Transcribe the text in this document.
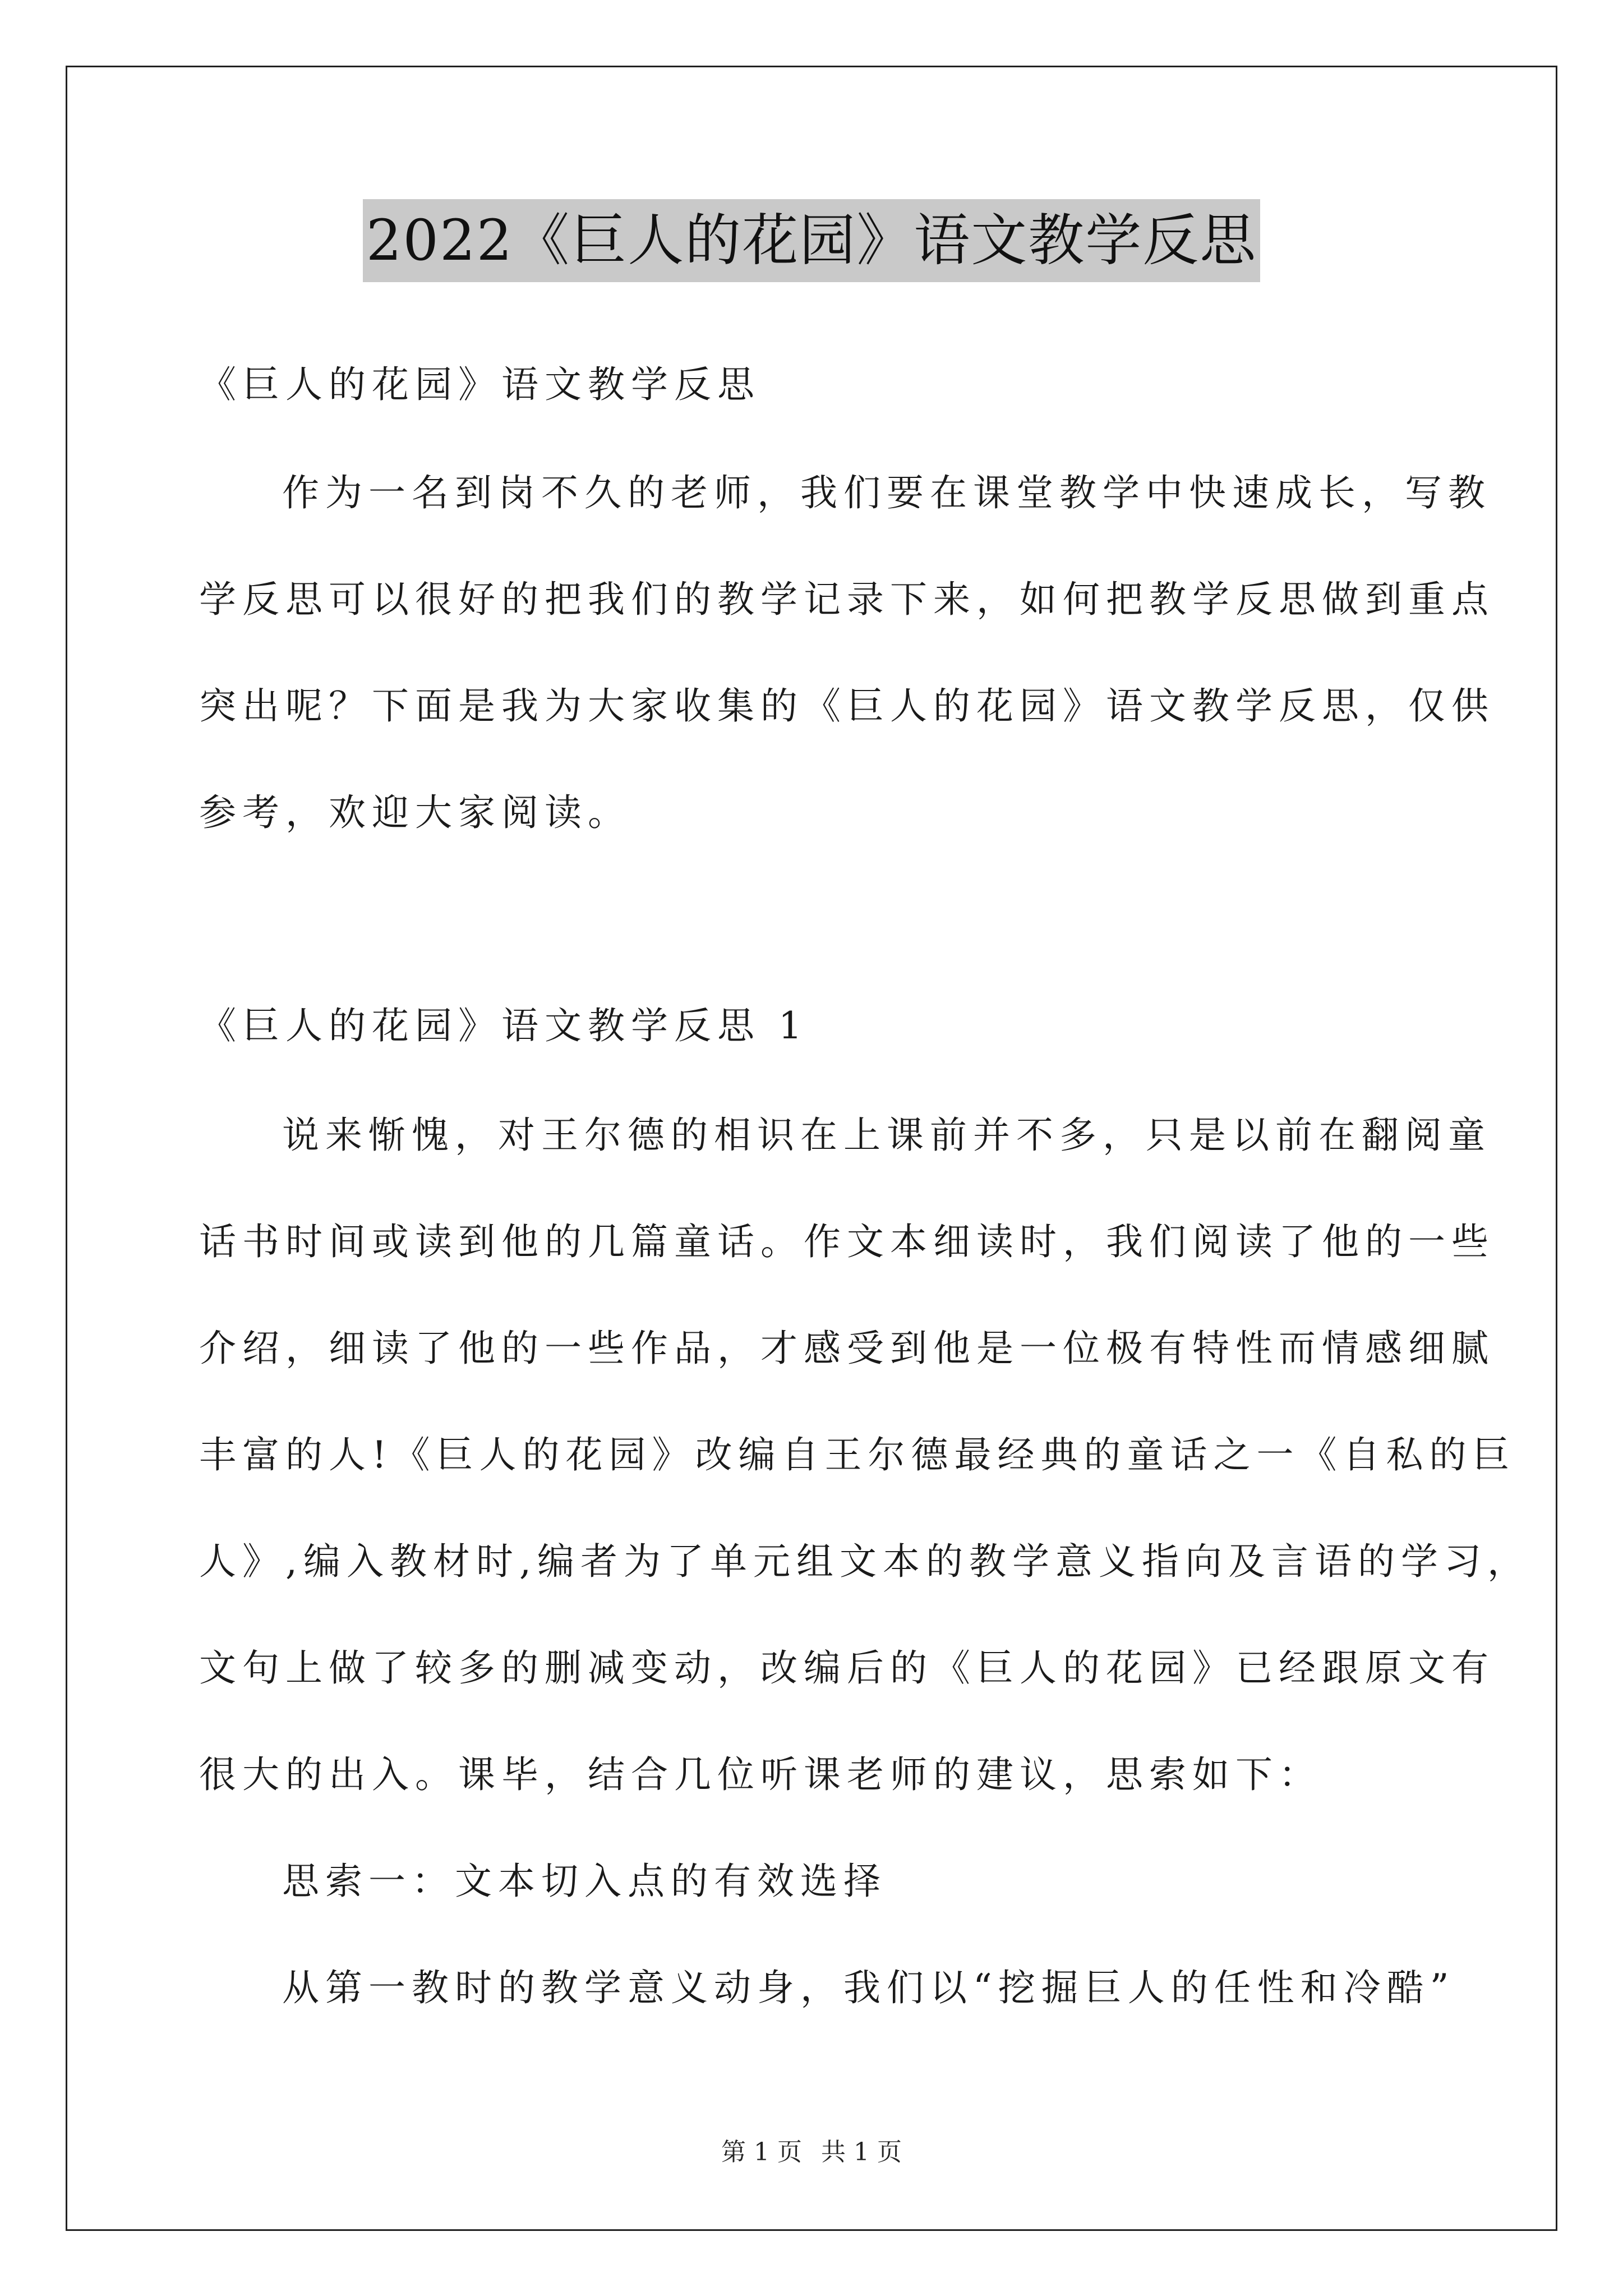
2022《巨人的花园》语文教学反思
《巨人的花园》语文教学反思
作为一名到岗不久的老师，我们要在课堂教学中快速成长，写教
学反思可以很好的把我们的教学记录下来，如何把教学反思做到重点
突出呢？下面是我为大家收集的《巨人的花园》语文教学反思，仅供
参考，欢迎大家阅读。
《巨人的花园》语文教学反思 1
说来惭愧，对王尔德的相识在上课前并不多，只是以前在翻阅童
话书时间或读到他的几篇童话。作文本细读时，我们阅读了他的一些
介绍，细读了他的一些作品，才感受到他是一位极有特性而情感细腻
丰富的人!《巨人的花园》改编自王尔德最经典的童话之一《自私的巨
人》,编入教材时,编者为了单元组文本的教学意义指向及言语的学习，
文句上做了较多的删减变动，改编后的《巨人的花园》已经跟原文有
很大的出入。课毕，结合几位听课老师的建议，思索如下：
思索一：文本切入点的有效选择
从第一教时的教学意义动身，我们以“挖掘巨人的任性和冷酷”
第 1 页 共 1 页
